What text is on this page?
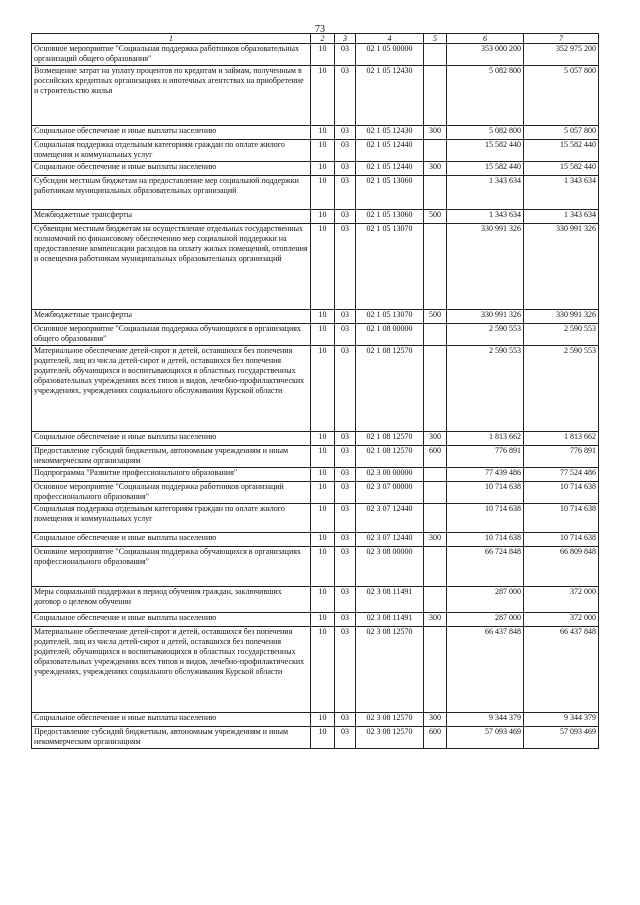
73
1	2	3	4	5	6	7
Основное мероприятие "Социальная поддержка работников образовательных организаций общего образования"	10	03	02 1 05 00000		353 000 200	352 975 200
Возмещение затрат на уплату процентов по кредитам и займам, полученным в российских кредитных организациях и ипотечных агентствах на приобретение и строительство жилья	10	03	02 1 05 12430		5 082 800	5 057 800
Социальное обеспечение и иные выплаты населению	10	03	02 1 05 12430	300	5 082 800	5 057 800
Социальная поддержка отдельным категориям граждан по оплате жилого помещения и коммунальных услуг	10	03	02 1 05 12440		15 582 440	15 582 440
Социальное обеспечение и иные выплаты населению	10	03	02 1 05 12440	300	15 582 440	15 582 440
Субсидии местным бюджетам на предоставление мер социальной поддержки работникам муниципальных образовательных организаций	10	03	02 1 05 13060		1 343 634	1 343 634
Межбюджетные трансферты	10	03	02 1 05 13060	500	1 343 634	1 343 634
Субвенции местным бюджетам на осуществление отдельных государственных полномочий по финансовому обеспечению мер социальной поддержки на предоставление компенсации расходов на оплату жилых помещений, отопления и освещения работникам муниципальных образовательных организаций	10	03	02 1 05 13070		330 991 326	330 991 326
Межбюджетные трансферты	10	03	02 1 05 13070	500	330 991 326	330 991 326
Основное мероприятие "Социальная поддержка обучающихся в организациях общего образования"	10	03	02 1 08 00000		2 590 553	2 590 553
Материальное обеспечение детей-сирот и детей, оставшихся без попечения родителей, лиц из числа детей-сирот и детей, оставшихся без попечения родителей, обучающихся и воспитывающихся в областных государственных образовательных учреждениях всех типов и видов, лечебно-профилактических учреждениях, учреждениях социального обслуживания Курской области	10	03	02 1 08 12570		2 590 553	2 590 553
Социальное обеспечение и иные выплаты населению	10	03	02 1 08 12570	300	1 813 662	1 813 662
Предоставление субсидий бюджетным, автономным учреждениям и иным некоммерческим организациям	10	03	02 1 08 12570	600	776 891	776 891
Подпрограмма "Развитие профессионального образования"	10	03	02 3 00 00000		77 439 486	77 524 486
Основное мероприятие "Социальная поддержка работников организаций профессионального образования"	10	03	02 3 07 00000		10 714 638	10 714 638
Социальная поддержка отдельным категориям граждан по оплате жилого помещения и коммунальных услуг	10	03	02 3 07 12440		10 714 638	10 714 638
Социальное обеспечение и иные выплаты населению	10	03	02 3 07 12440	300	10 714 638	10 714 638
Основное мероприятие "Социальная поддержка обучающихся в организациях профессионального образования"	10	03	02 3 08 00000		66 724 848	66 809 848
Меры социальной поддержки в период обучения граждан, заключивших договор о целевом обучении	10	03	02 3 08 11491		287 000	372 000
Социальное обеспечение и иные выплаты населению	10	03	02 3 08 11491	300	287 000	372 000
Материальное обеспечение детей-сирот и детей, оставшихся без попечения родителей, лиц из числа детей-сирот и детей, оставшихся без попечения родителей, обучающихся и воспитывающихся в областных государственных образовательных учреждениях всех типов и видов, лечебно-профилактических учреждениях, учреждениях социального обслуживания Курской области	10	03	02 3 08 12570		66 437 848	66 437 848
Социальное обеспечение и иные выплаты населению	10	03	02 3 08 12570	300	9 344 379	9 344 379
Предоставление субсидий бюджетным, автономным учреждениям и иным некоммерческим организациям	10	03	02 3 08 12570	600	57 093 469	57 093 469
